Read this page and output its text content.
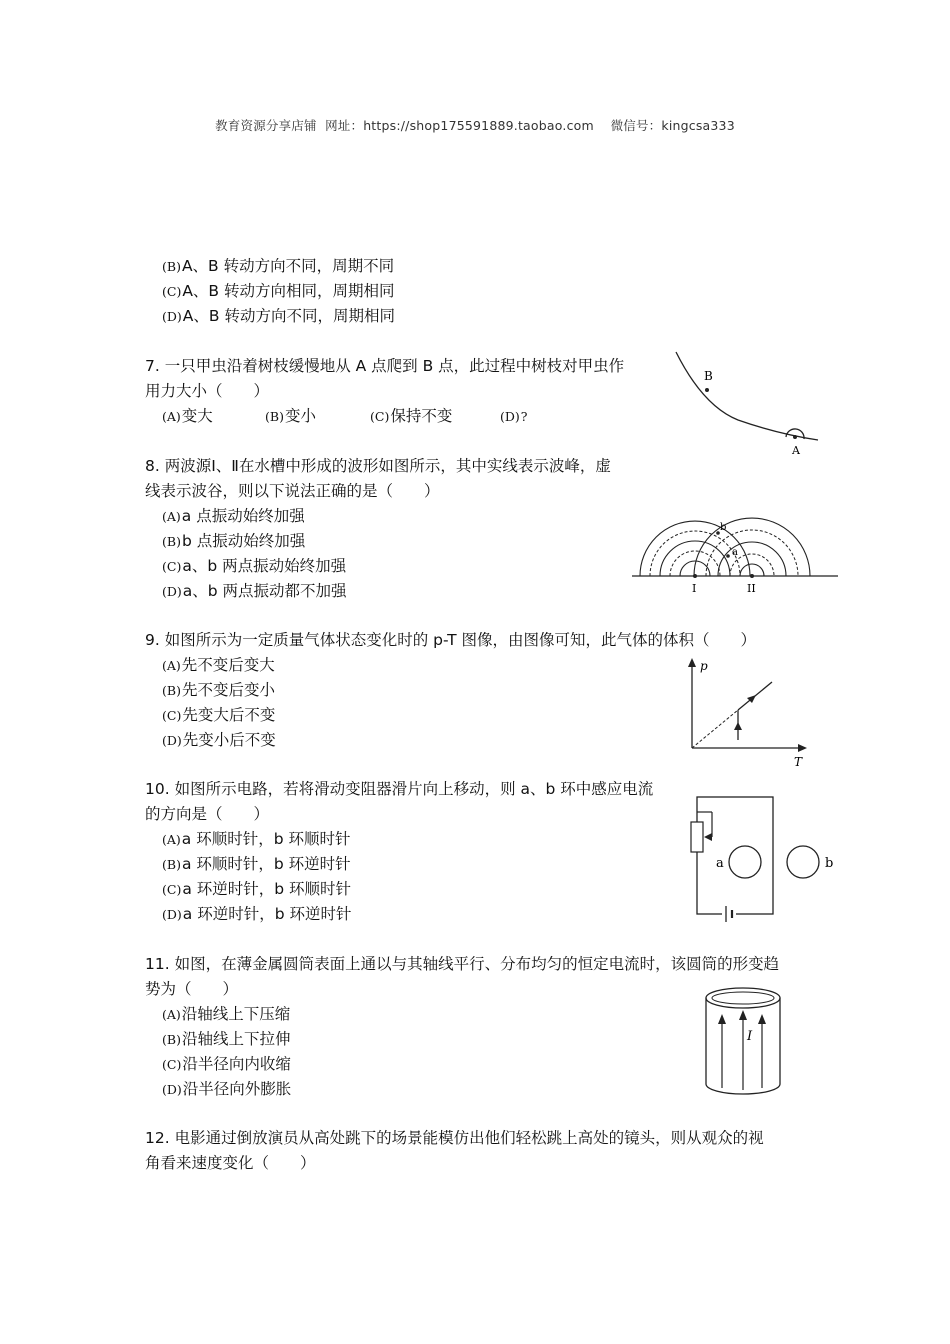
教育资源分享店铺 网址：https://shop175591889.taobao.com 微信号：kingcsa333
(B)A、B 转动方向不同，周期不同
(C)A、B 转动方向相同，周期相同
(D)A、B 转动方向不同，周期相同
7. 一只甲虫沿着树枝缓慢地从 A 点爬到 B 点，此过程中树枝对甲虫作
用力大小（　　）
(A)变大	(B)变小	(C)保持不变	(D)?
B
A
8. 两波源Ⅰ、Ⅱ在水槽中形成的波形如图所示，其中实线表示波峰，虚
线表示波谷，则以下说法正确的是（　　）
(A)a 点振动始终加强
(B)b 点振动始终加强
(C)a、b 两点振动始终加强
(D)a、b 两点振动都不加强
b
a
I	II
9. 如图所示为一定质量气体状态变化时的 p-T 图像，由图像可知，此气体的体积（　　）
(A)先不变后变大
(B)先不变后变小
(C)先变大后不变
(D)先变小后不变
p
T
10. 如图所示电路，若将滑动变阻器滑片向上移动，则 a、b 环中感应电流
的方向是（　　）
(A)a 环顺时针，b 环顺时针
(B)a 环顺时针，b 环逆时针
(C)a 环逆时针，b 环顺时针
(D)a 环逆时针，b 环逆时针
a	b
11. 如图，在薄金属圆筒表面上通以与其轴线平行、分布均匀的恒定电流时，该圆筒的形变趋
势为（　　）
(A)沿轴线上下压缩
(B)沿轴线上下拉伸
(C)沿半径向内收缩
(D)沿半径向外膨胀
I
12. 电影通过倒放演员从高处跳下的场景能模仿出他们轻松跳上高处的镜头，则从观众的视
角看来速度变化（　　）
